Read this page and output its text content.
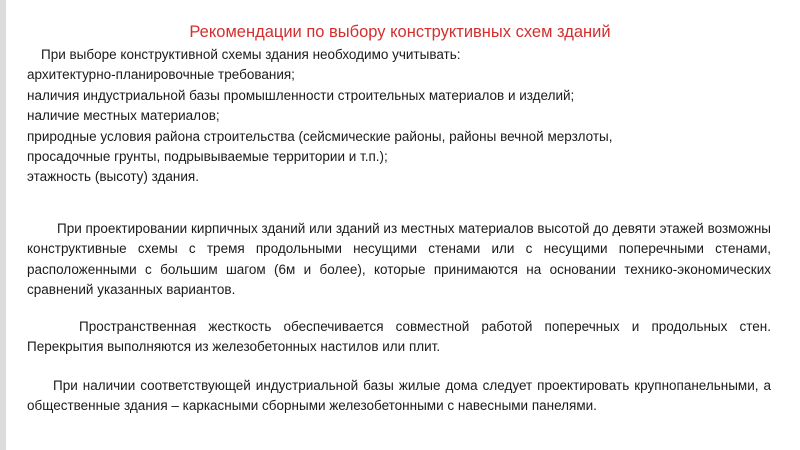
Рекомендации по выбору конструктивных схем зданий
При выборе конструктивной схемы здания необходимо учитывать:
архитектурно-планировочные требования;
наличия индустриальной базы промышленности строительных материалов и изделий;
наличие местных материалов;
природные условия района строительства (сейсмические районы, районы вечной мерзлоты,
просадочные грунты, подрывываемые территории и т.п.);
этажность (высоту) здания.
При проектировании кирпичных зданий или зданий из местных материалов высотой до девяти этажей возможны конструктивные схемы с тремя продольными несущими стенами или с несущими поперечными стенами, расположенными с большим шагом (6м и более), которые принимаются на основании технико-экономических сравнений указанных вариантов.
Пространственная жесткость обеспечивается совместной работой поперечных и продольных стен. Перекрытия выполняются из железобетонных настилов или плит.
При наличии соответствующей индустриальной базы жилые дома следует проектировать крупнопанельными, а общественные здания – каркасными сборными железобетонными с навесными панелями.
